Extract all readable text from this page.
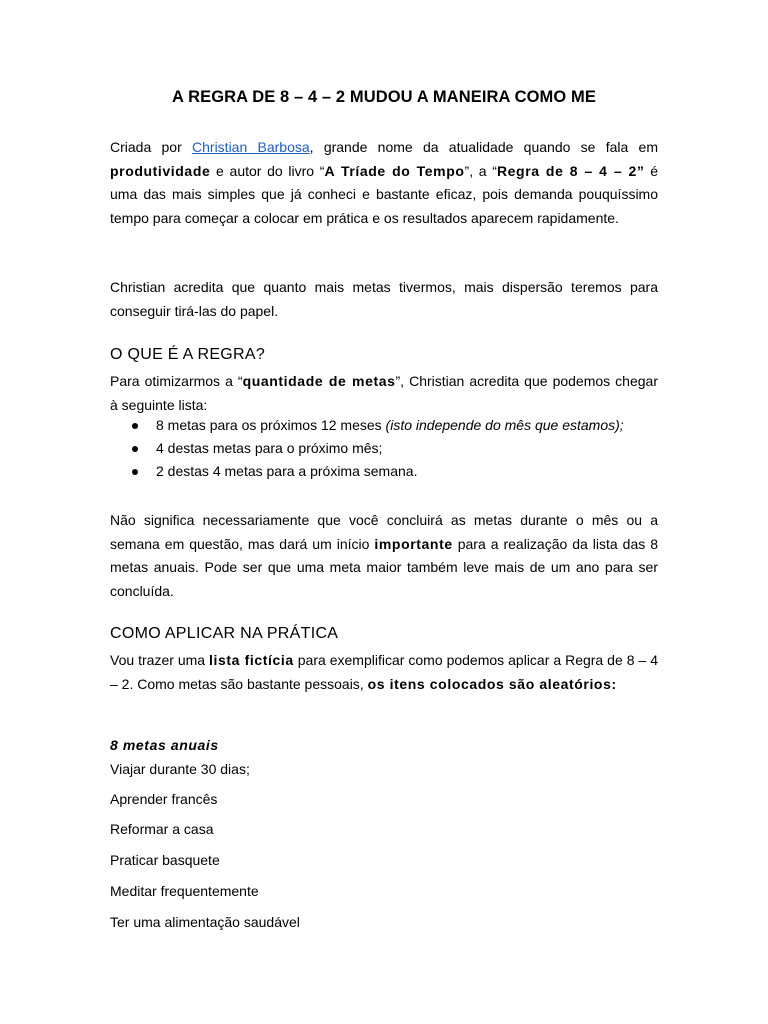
A REGRA DE 8 – 4 – 2 MUDOU A MANEIRA COMO ME

Criada por Christian Barbosa, grande nome da atualidade quando se fala em produtividade e autor do livro “A Tríade do Tempo”, a “Regra de 8 – 4 – 2” é uma das mais simples que já conheci e bastante eficaz, pois demanda pouquíssimo tempo para começar a colocar em prática e os resultados aparecem rapidamente.

Christian acredita que quanto mais metas tivermos, mais dispersão teremos para conseguir tirá-las do papel.

O QUE É A REGRA?

Para otimizarmos a “quantidade de metas”, Christian acredita que podemos chegar à seguinte lista:

8 metas para os próximos 12 meses (isto independe do mês que estamos);
4 destas metas para o próximo mês;
2 destas 4 metas para a próxima semana.

Não significa necessariamente que você concluirá as metas durante o mês ou a semana em questão, mas dará um início importante para a realização da lista das 8 metas anuais. Pode ser que uma meta maior também leve mais de um ano para ser concluída.

COMO APLICAR NA PRÁTICA

Vou trazer uma lista fictícia para exemplificar como podemos aplicar a Regra de 8 – 4 – 2. Como metas são bastante pessoais, os itens colocados são aleatórios:

8 metas anuais

Viajar durante 30 dias;

Aprender francês

Reformar a casa

Praticar basquete

Meditar frequentemente

Ter uma alimentação saudável
